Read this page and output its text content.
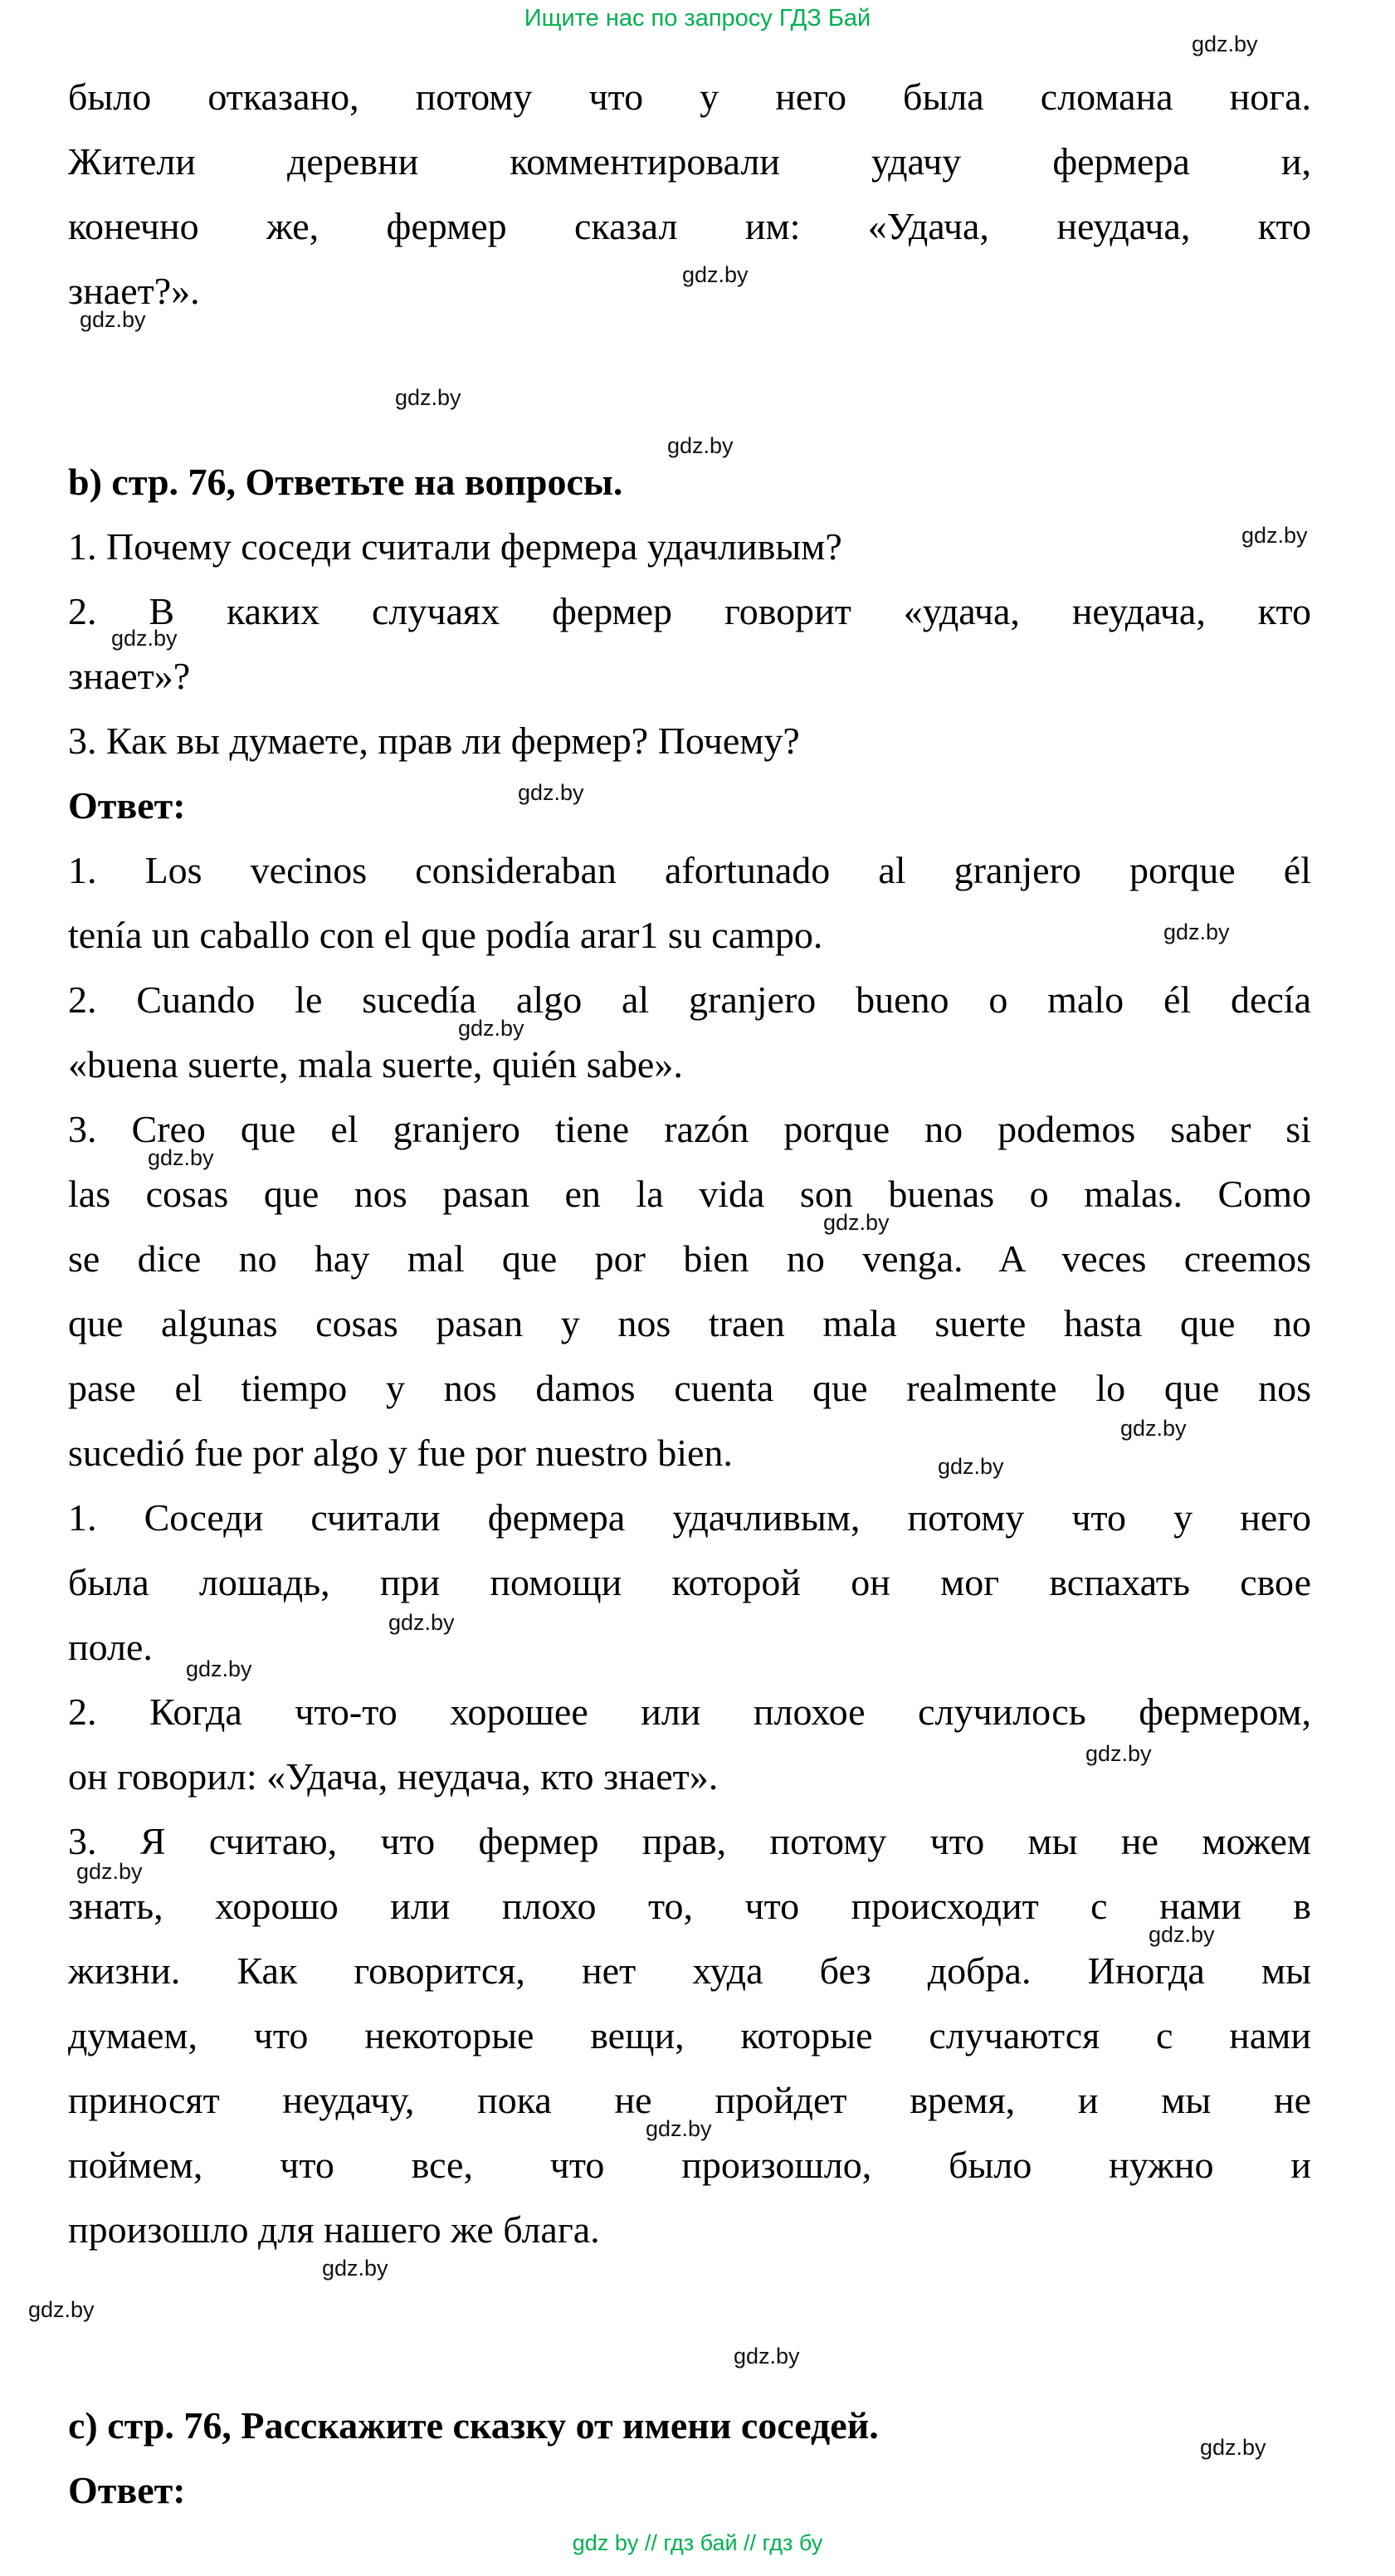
Ищите нас по запросу ГДЗ Бай
было отказано, потому что у него была сломана нога.
Жители деревни комментировали удачу фермера и,
конечно же, фермер сказал им: «Удача, неудача, кто
знает?».
b) стр. 76, Ответьте на вопросы.
1. Почему соседи считали фермера удачливым?
2. В каких случаях фермер говорит «удача, неудача, кто
знает»?
3. Как вы думаете, прав ли фермер? Почему?
Ответ:
1. Los vecinos consideraban afortunado al granjero porque él
tenía un caballo con el que podía arar1 su campo.
2. Cuando le sucedía algo al granjero bueno o malo él decía
«buena suerte, mala suerte, quién sabe».
3. Creo que el granjero tiene razón porque no podemos saber si
las cosas que nos pasan en la vida son buenas o malas. Como
se dice no hay mal que por bien no venga. A veces creemos
que algunas cosas pasan y nos traen mala suerte hasta que no
pase el tiempo y nos damos cuenta que realmente lo que nos
sucedió fue por algo y fue por nuestro bien.
1. Соседи считали фермера удачливым, потому что у него
была лошадь, при помощи которой он мог вспахать свое
поле.
2. Когда что-то хорошее или плохое случилось фермером,
он говорил: «Удача, неудача, кто знает».
3. Я считаю, что фермер прав, потому что мы не можем
знать, хорошо или плохо то, что происходит с нами в
жизни. Как говорится, нет худа без добра. Иногда мы
думаем, что некоторые вещи, которые случаются с нами
приносят неудачу, пока не пройдет время, и мы не
поймем, что все, что произошло, было нужно и
произошло для нашего же блага.
c) стр. 76, Расскажите сказку от имени соседей.
Ответ:
gdz.by
gdz.by
gdz.by
gdz.by
gdz.by
gdz.by
gdz.by
gdz.by
gdz.by
gdz.by
gdz.by
gdz.by
gdz.by
gdz.by
gdz.by
gdz.by
gdz.by
gdz.by
gdz.by
gdz.by
gdz.by
gdz.by
gdz.by
gdz.by
gdz by // гдз бай // гдз бу
